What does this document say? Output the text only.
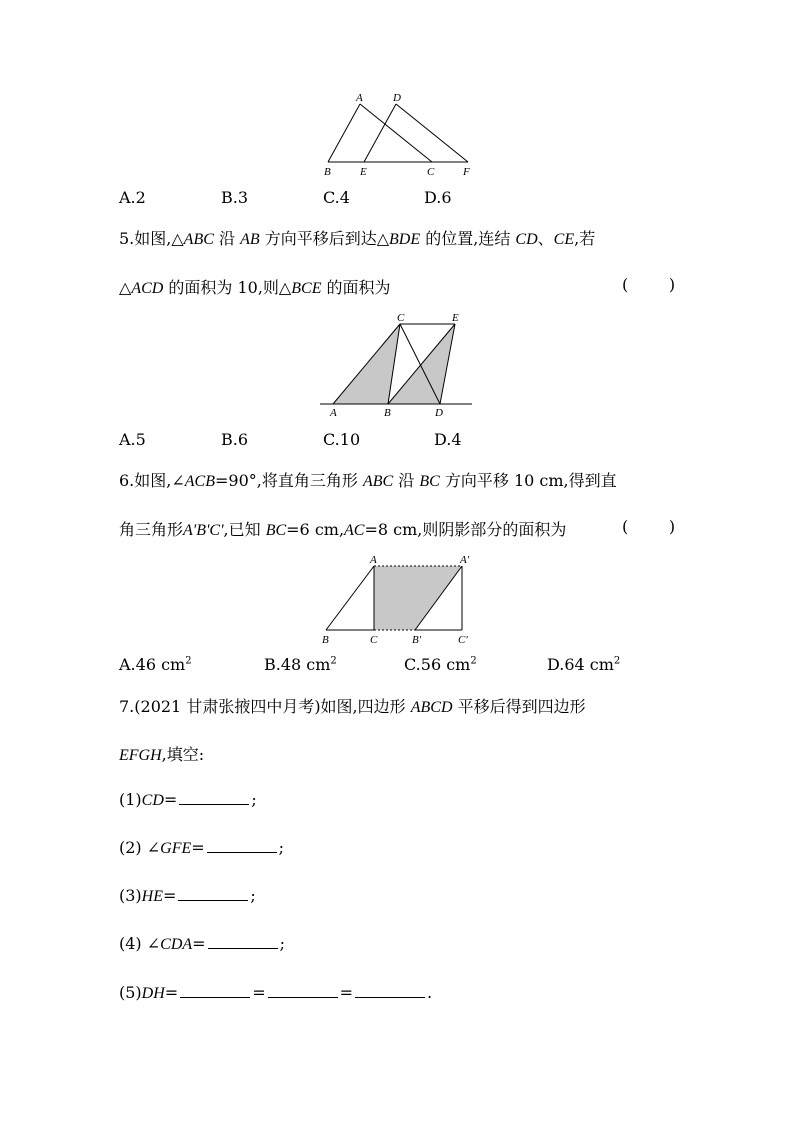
A	D
B	E	C	F
A.2	B.3	C.4	D.6
5.如图,△ABC 沿 AB 方向平移后到达△BDE 的位置,连结 CD、CE,若
△ACD 的面积为 10,则△BCE 的面积为	(        )
C	E
A	B	D
A.5	B.6	C.10	D.4
6.如图,∠ACB=90°,将直角三角形 ABC 沿 BC 方向平移 10 cm,得到直
角三角形A'B'C',已知 BC=6 cm,AC=8 cm,则阴影部分的面积为	(        )
A	A′
B	C	B′	C′
A.46 $cm^2$	B.48 $cm^2$	C.56 $cm^2$	D.64 $cm^2$
7.(2021 甘肃张掖四中月考)如图,四边形 ABCD 平移后得到四边形
EFGH,填空:
(1)CD=	;
(2) ∠GFE=	;
(3)HE=	;
(4) ∠CDA=	;
(5)DH=	=	=	.
